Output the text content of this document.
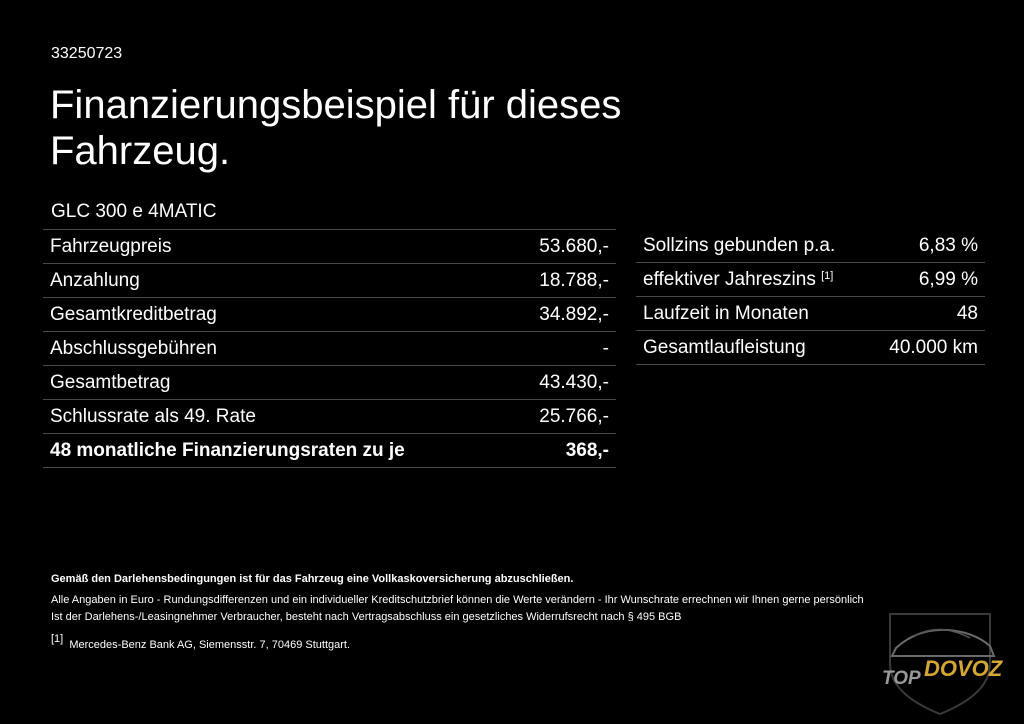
33250723
Finanzierungsbeispiel für dieses Fahrzeug.
GLC 300 e 4MATIC
Fahrzeugpreis	53.680,-
Anzahlung	18.788,-
Gesamtkreditbetrag	34.892,-
Abschlussgebühren	-
Gesamtbetrag	43.430,-
Schlussrate als 49. Rate	25.766,-
48 monatliche Finanzierungsraten zu je	368,-
Sollzins gebunden p.a.	6,83 %
effektiver Jahreszins [1]	6,99 %
Laufzeit in Monaten	48
Gesamtlaufleistung	40.000 km
Gemäß den Darlehensbedingungen ist für das Fahrzeug eine Vollkaskoversicherung abzuschließen.
Alle Angaben in Euro - Rundungsdifferenzen und ein individueller Kreditschutzbrief können die Werte verändern - Ihr Wunschrate errechnen wir Ihnen gerne persönlich
Ist der Darlehens-/Leasingnehmer Verbraucher, besteht nach Vertragsabschluss ein gesetzliches Widerrufsrecht nach § 495 BGB
[1] Mercedes-Benz Bank AG, Siemensstr. 7, 70469 Stuttgart.
TOP DOVOZ
